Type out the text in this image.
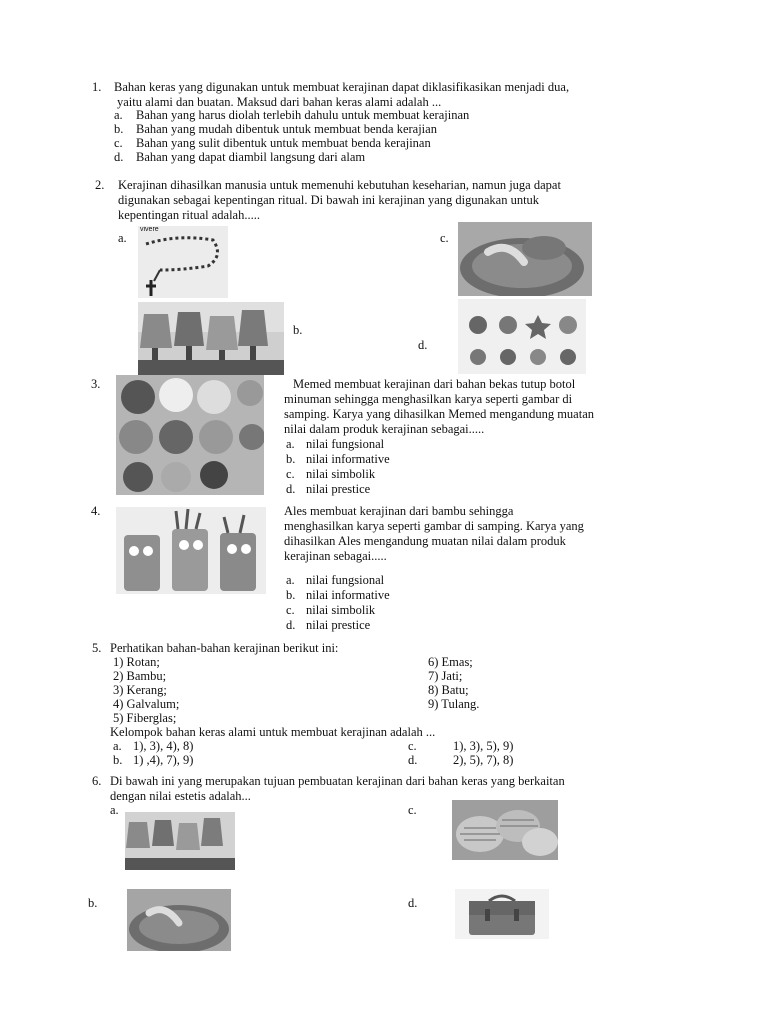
1. Bahan keras yang digunakan untuk membuat kerajinan dapat diklasifikasikan menjadi dua,
yaitu alami dan buatan. Maksud dari bahan keras alami adalah ...
a. Bahan yang harus diolah terlebih dahulu untuk membuat kerajinan
b. Bahan yang mudah dibentuk untuk membuat benda kerajian
c. Bahan yang sulit dibentuk untuk membuat benda kerajinan
d. Bahan yang dapat diambil langsung dari alam
2. Kerajinan dihasilkan manusia untuk memenuhi kebutuhan keseharian, namun juga dapat
digunakan sebagai kepentingan ritual. Di bawah ini kerajinan yang digunakan untuk
kepentingan ritual adalah.....
a.
vivere
b.
c.
d.
3.	Memed membuat kerajinan dari bahan bekas tutup botol
minuman sehingga menghasilkan karya seperti gambar di
samping. Karya yang dihasilkan Memed mengandung muatan
nilai dalam produk kerajinan sebagai.....
a. nilai fungsional
b. nilai informative
c. nilai simbolik
d. nilai prestice
4.	Ales membuat kerajinan dari bambu sehingga
menghasilkan karya seperti gambar di samping. Karya yang
dihasilkan Ales mengandung muatan nilai dalam produk
kerajinan sebagai.....
a. nilai fungsional
b. nilai informative
c. nilai simbolik
d. nilai prestice
5. Perhatikan bahan-bahan kerajinan berikut ini:
1) Rotan;
2) Bambu;
3) Kerang;
4) Galvalum;
5) Fiberglas;
6) Emas;
7) Jati;
8) Batu;
9) Tulang.
Kelompok bahan keras alami untuk membuat kerajinan adalah ...
a. 1), 3), 4), 8)
b. 1) ,4), 7), 9)
c.	1), 3), 5), 9)
d.	2), 5), 7), 8)
6. Di bawah ini yang merupakan tujuan pembuatan kerajinan dari bahan keras yang berkaitan
dengan nilai estetis adalah...
a.	c.
b.	d.
